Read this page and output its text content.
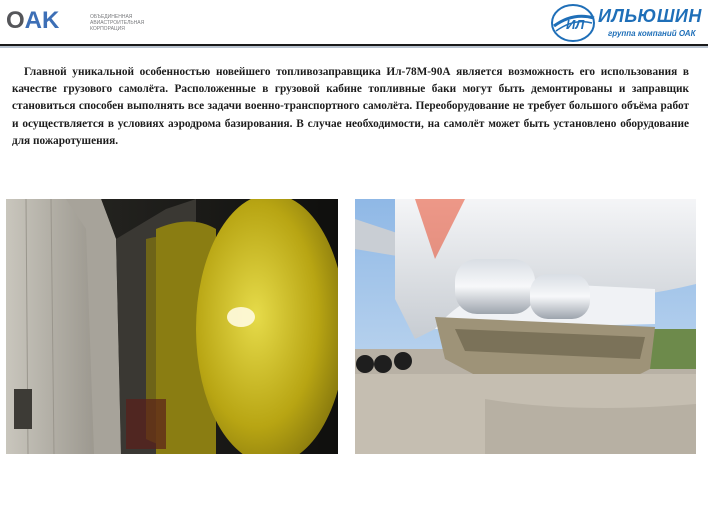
OAK	ОБЪЕДИНЕННАЯ
АВИАСТРОИТЕЛЬНАЯ
КОРПОРАЦИЯ	ИЛ ИЛЬЮШИН
группа компаний ОАК

Главной уникальной особенностью новейшего топливозаправщика Ил-78М-90А является возможность его использования в качестве грузового самолёта. Расположенные в грузовой кабине топливные баки могут быть демонтированы и заправщик становиться способен выполнять все задачи военно-транспортного самолёта. Переоборудование не требует большого объёма работ и осуществляется в условиях аэродрома базирования. В случае необходимости, на самолёт может быть установлено оборудование для пожаротушения.
